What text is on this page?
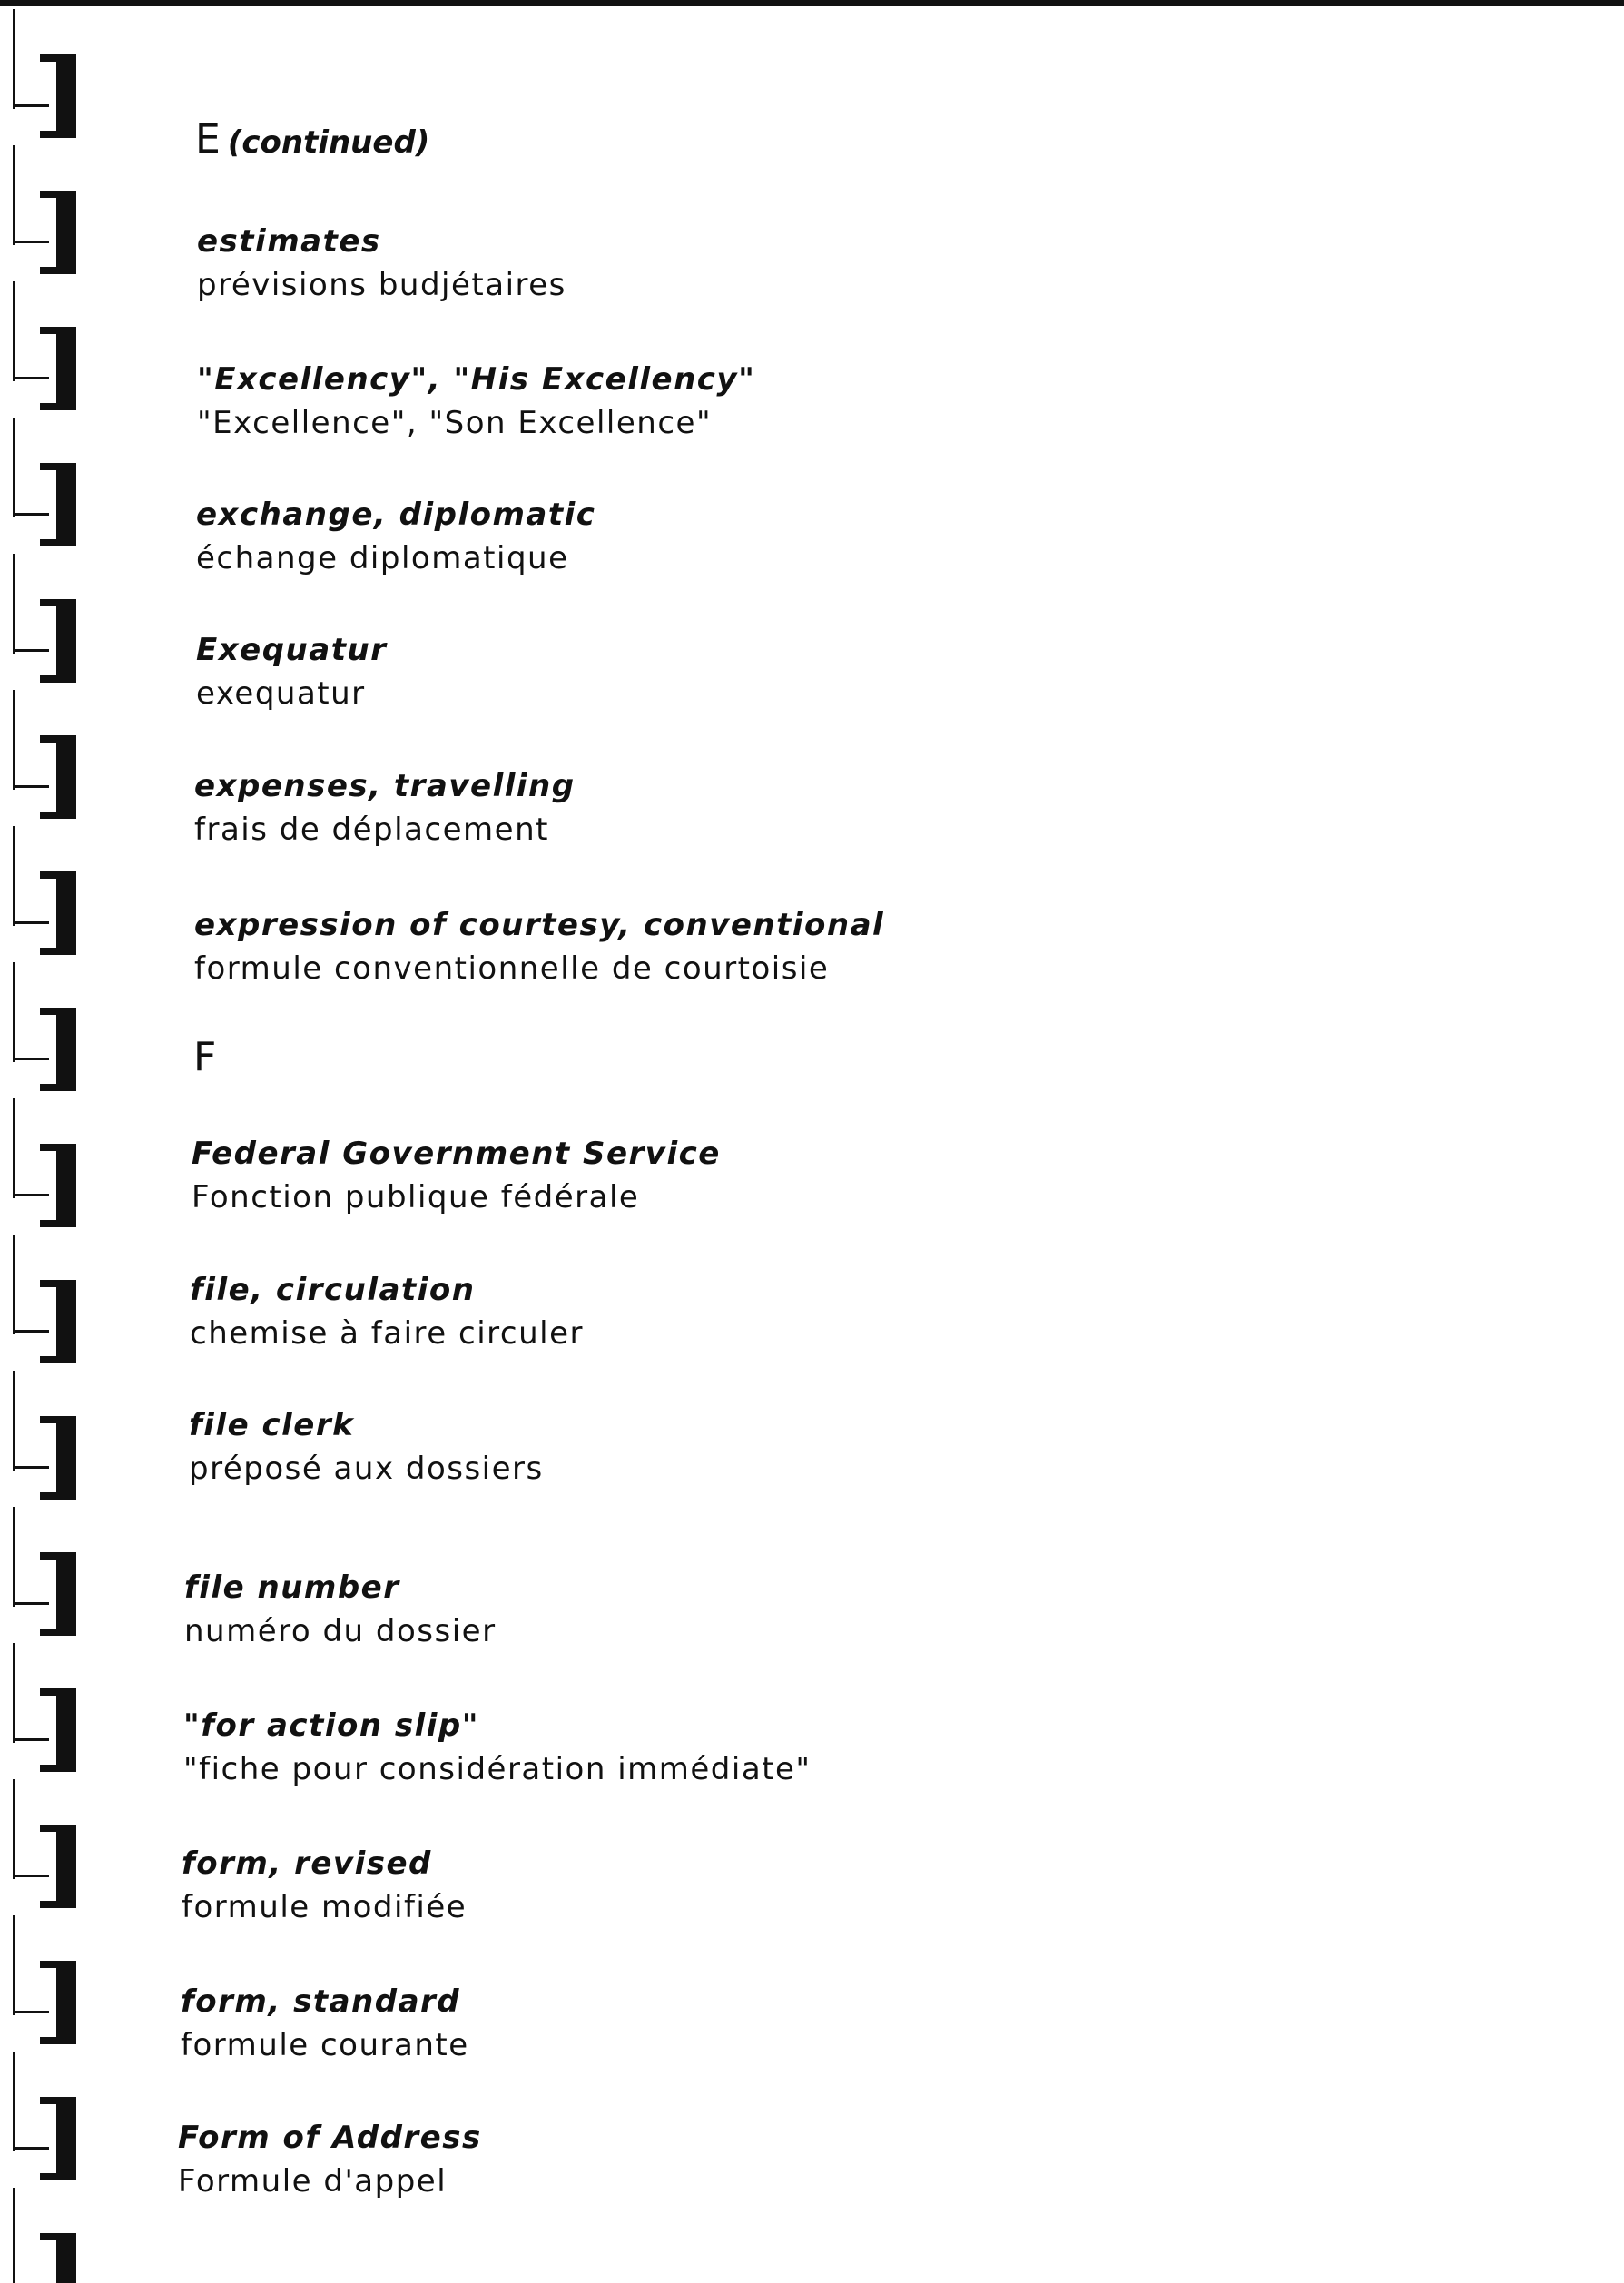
E (continued)
estimates
prévisions budjétaires
"Excellency", "His Excellency"
"Excellence", "Son Excellence"
exchange, diplomatic
échange diplomatique
Exequatur
exequatur
expenses, travelling
frais de déplacement
expression of courtesy, conventional
formule conventionnelle de courtoisie
F
Federal Government Service
Fonction publique fédérale
file, circulation
chemise à faire circuler
file clerk
préposé aux dossiers
file number
numéro du dossier
"for action slip"
"fiche pour considération immédiate"
form, revised
formule modifiée
form, standard
formule courante
Form of Address
Formule d'appel
